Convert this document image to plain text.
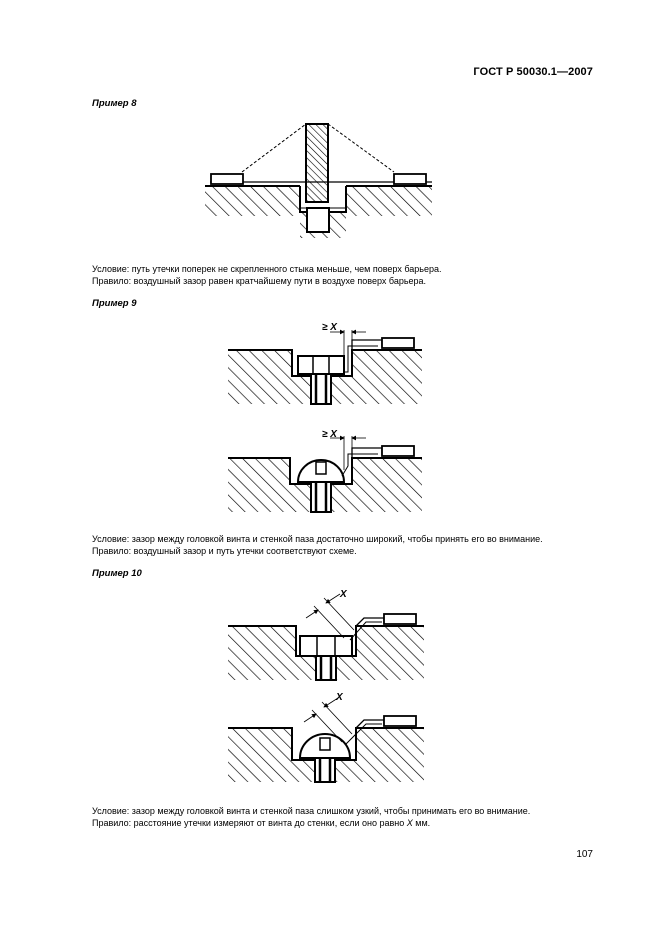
ГОСТ Р 50030.1—2007
≥ X
≥ X
X
X
Пример 8
Условие: путь утечки поперек не скрепленного стыка меньше, чем поверх барьера.
Правило: воздушный зазор равен кратчайшему пути в воздухе поверх барьера.
Пример 9
Условие: зазор между головкой винта и стенкой паза достаточно широкий, чтобы принять его во внимание.
Правило: воздушный зазор и путь утечки соответствуют схеме.
Пример 10
Условие: зазор между головкой винта и стенкой паза слишком узкий, чтобы принимать его во внимание.
Правило: расстояние утечки измеряют от винта до стенки, если оно равно X мм.
107
